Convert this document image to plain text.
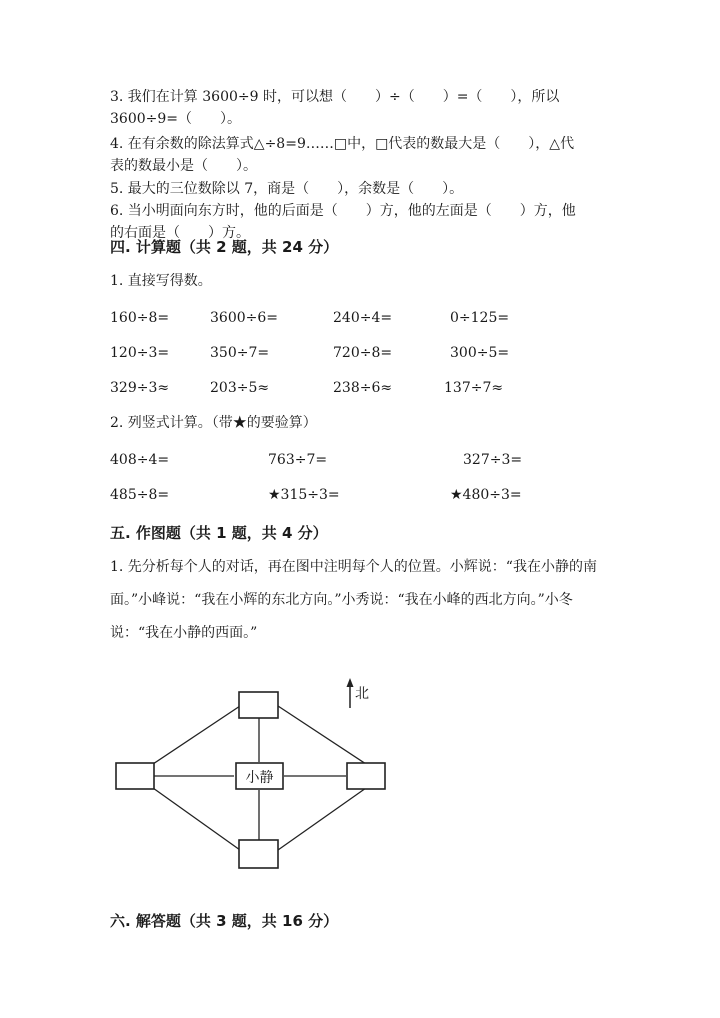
3. 我们在计算 3600÷9 时，可以想（　　）÷（　　）=（　　），所以
3600÷9=（　　）。
4. 在有余数的除法算式△÷8=9……□中，□代表的数最大是（　　），△代
表的数最小是（　　）。
5. 最大的三位数除以 7，商是（　　），余数是（　　）。
6. 当小明面向东方时，他的后面是（　　）方，他的左面是（　　）方，他
的右面是（　　）方。
四. 计算题（共 2 题，共 24 分）
1. 直接写得数。
160÷8=	3600÷6=	240÷4=	0÷125=
120÷3=	350÷7=	720÷8=	300÷5=
329÷3≈	203÷5≈	238÷6≈	137÷7≈
2. 列竖式计算。（带★的要验算）
408÷4=	763÷7=	327÷3=
485÷8=	★315÷3=	★480÷3=
五. 作图题（共 1 题，共 4 分）
1. 先分析每个人的对话，再在图中注明每个人的位置。小辉说：“我在小静的南面。”小峰说：“我在小辉的东北方向。”小秀说：“我在小峰的西北方向。”小冬说：“我在小静的西面。”
小静
北
六. 解答题（共 3 题，共 16 分）
